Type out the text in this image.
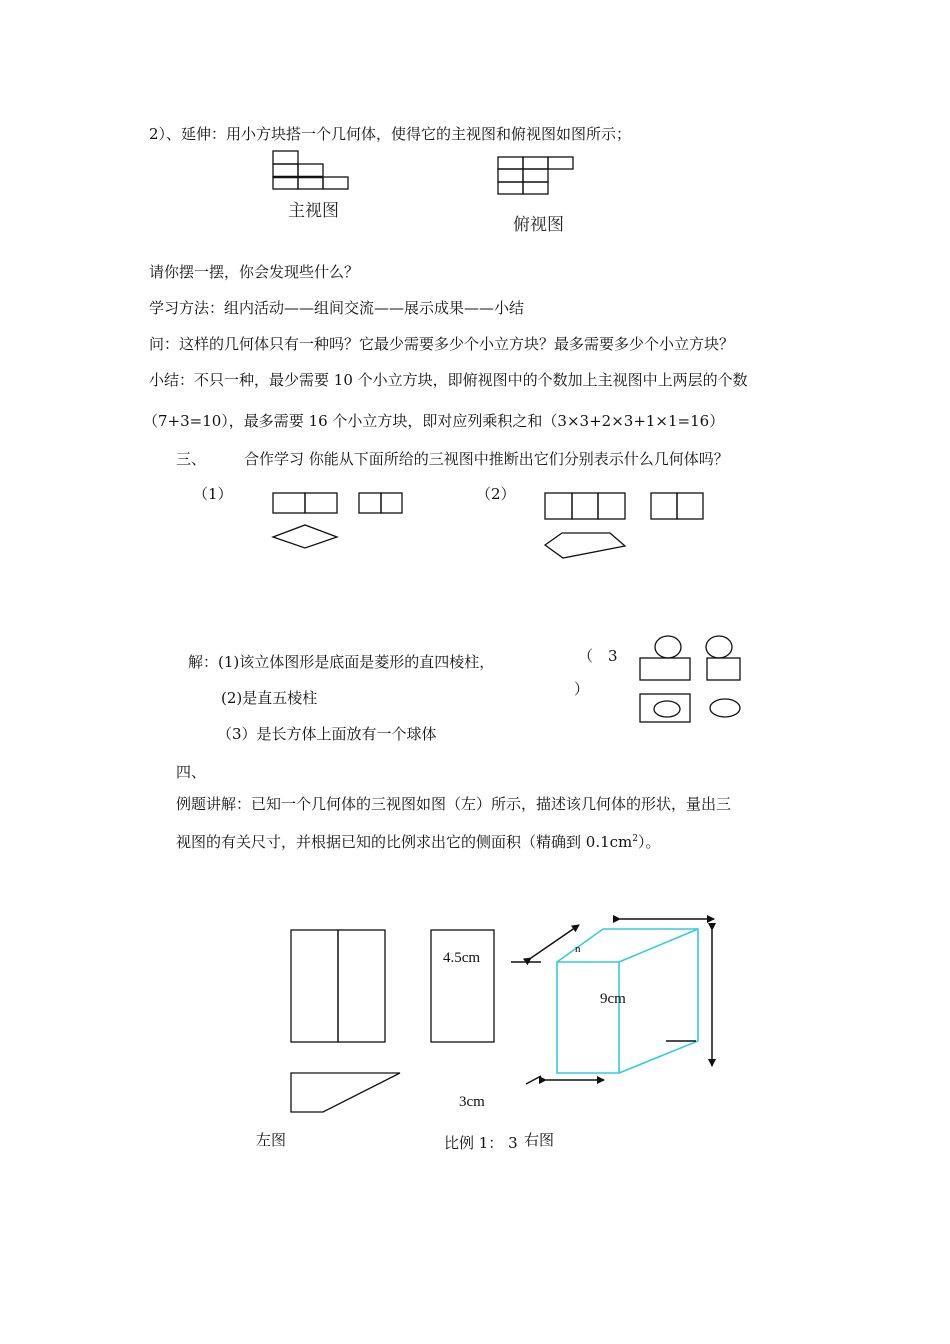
2）、延伸：用小方块搭一个几何体，使得它的主视图和俯视图如图所示；
主视图
俯视图
请你摆一摆，你会发现些什么？
学习方法：组内活动——组间交流——展示成果——小结
问：这样的几何体只有一种吗？它最少需要多少个小立方块？最多需要多少个小立方块？
小结：不只一种，最少需要 10 个小立方块，即俯视图中的个数加上主视图中上两层的个数
（7+3=10），最多需要 16 个小立方块，即对应列乘积之和（3×3+2×3+1×1=16）
三、	合作学习 你能从下面所给的三视图中推断出它们分别表示什么几何体吗？
（1）	（2）
解：(1)该立体图形是底面是菱形的直四棱柱，	（　3
）
(2)是直五棱柱
（3）是长方体上面放有一个球体
四、
例题讲解：已知一个几何体的三视图如图（左）所示，描述该几何体的形状，量出三
视图的有关尺寸，并根据已知的比例求出它的侧面积（精确到 $0.1cm^2$）。
4.5cm
9cm
n
3cm
左图	比例 1： 3 右图
